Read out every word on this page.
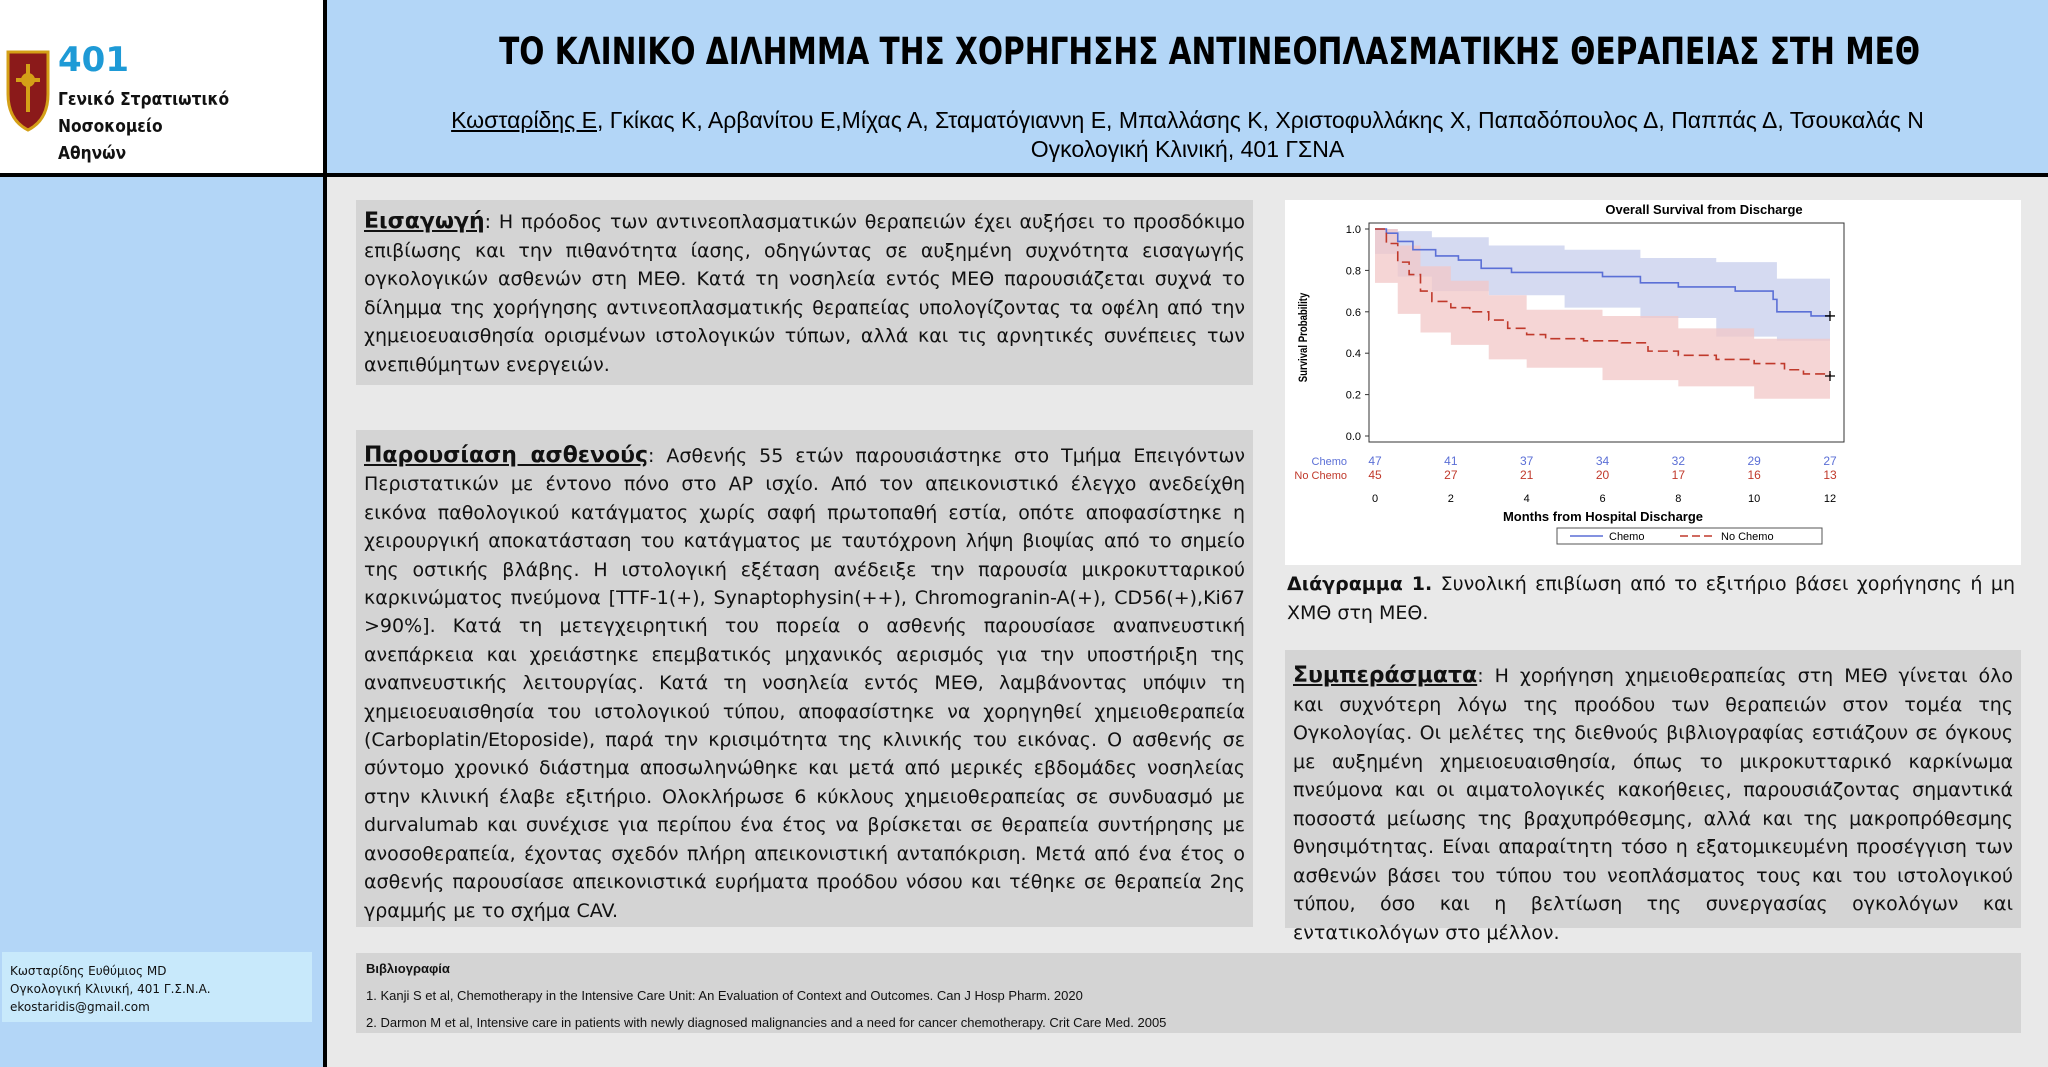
401
Γενικό Στρατιωτικό Νοσοκομείο
Αθηνών
ΤΟ ΚΛΙΝΙΚΟ ΔΙΛΗΜΜΑ ΤΗΣ ΧΟΡΗΓΗΣΗΣ ΑΝΤΙΝΕΟΠΛΑΣΜΑΤΙΚΗΣ ΘΕΡΑΠΕΙΑΣ ΣΤΗ ΜΕΘ
Κωσταρίδης Ε, Γκίκας Κ, Αρβανίτου Ε,Μίχας Α, Σταματόγιαννη Ε, Μπαλλάσης Κ, Χριστοφυλλάκης Χ, Παπαδόπουλος Δ, Παππάς Δ, Τσουκαλάς Ν
Ογκολογική Κλινική, 401 ΓΣΝΑ
Κωσταρίδης Ευθύμιος MD
Ογκολογική Κλινική, 401 Γ.Σ.Ν.Α.
ekostaridis@gmail.com

Εισαγωγή: Η πρόοδος των αντινεοπλασματικών θεραπειών έχει αυξήσει το προσδόκιμο επιβίωσης και την πιθανότητα ίασης, οδηγώντας σε αυξημένη συχνότητα εισαγωγής ογκολογικών ασθενών στη ΜΕΘ. Κατά τη νοσηλεία εντός ΜΕΘ παρουσιάζεται συχνά το δίλημμα της χορήγησης αντινεοπλασματικής θεραπείας υπολογίζοντας τα οφέλη από την χημειοευαισθησία ορισμένων ιστολογικών τύπων, αλλά και τις αρνητικές συνέπειες των ανεπιθύμητων ενεργειών.

Παρουσίαση ασθενούς: Ασθενής 55 ετών παρουσιάστηκε στο Τμήμα Επειγόντων Περιστατικών με έντονο πόνο στο ΑΡ ισχίο. Από τον απεικονιστικό έλεγχο ανεδείχθη εικόνα παθολογικού κατάγματος χωρίς σαφή πρωτοπαθή εστία, οπότε αποφασίστηκε η χειρουργική αποκατάσταση του κατάγματος με ταυτόχρονη λήψη βιοψίας από το σημείο της οστικής βλάβης. Η ιστολογική εξέταση ανέδειξε την παρουσία μικροκυτταρικού καρκινώματος πνεύμονα [TTF-1(+), Synaptophysin(++), Chromogranin-A(+), CD56(+),Ki67 >90%]. Κατά τη μετεγχειρητική του πορεία ο ασθενής παρουσίασε αναπνευστική ανεπάρκεια και χρειάστηκε επεμβατικός μηχανικός αερισμός για την υποστήριξη της αναπνευστικής λειτουργίας. Κατά τη νοσηλεία εντός ΜΕΘ, λαμβάνοντας υπόψιν τη χημειοευαισθησία του ιστολογικού τύπου, αποφασίστηκε να χορηγηθεί χημειοθεραπεία (Carboplatin/Etoposide), παρά την κρισιμότητα της κλινικής του εικόνας. Ο ασθενής σε σύντομο χρονικό διάστημα αποσωληνώθηκε και μετά από μερικές εβδομάδες νοσηλείας στην κλινική έλαβε εξιτήριο. Ολοκλήρωσε 6 κύκλους χημειοθεραπείας σε συνδυασμό με durvalumab και συνέχισε για περίπου ένα έτος να βρίσκεται σε θεραπεία συντήρησης με ανοσοθεραπεία, έχοντας σχεδόν πλήρη απεικονιστική ανταπόκριση. Μετά από ένα έτος ο ασθενής παρουσίασε απεικονιστικά ευρήματα προόδου νόσου και τέθηκε σε θεραπεία 2ης γραμμής με το σχήμα CAV.

Overall Survival from Discharge
0.0
0.2
0.4
0.6
0.8
1.0
Survival Probability
Chemo 47	41	37	34	32	29	27
No Chemo 45	27	21	20	17	16	13
0	2	4	6	8	10	12
Months from Hospital Discharge
Chemo	No Chemo
Διάγραμμα 1. Συνολική επιβίωση από το εξιτήριο βάσει χορήγησης ή μη ΧΜΘ στη ΜΕΘ.

Συμπεράσματα: Η χορήγηση χημειοθεραπείας στη ΜΕΘ γίνεται όλο και συχνότερη λόγω της προόδου των θεραπειών στον τομέα της Ογκολογίας. Οι μελέτες της διεθνούς βιβλιογραφίας εστιάζουν σε όγκους με αυξημένη χημειοευαισθησία, όπως το μικροκυτταρικό καρκίνωμα πνεύμονα και οι αιματολογικές κακοήθειες, παρουσιάζοντας σημαντικά ποσοστά μείωσης της βραχυπρόθεσμης, αλλά και της μακροπρόθεσμης θνησιμότητας. Είναι απαραίτητη τόσο η εξατομικευμένη προσέγγιση των ασθενών βάσει του τύπου του νεοπλάσματος τους και του ιστολογικού τύπου, όσο και η βελτίωση της συνεργασίας ογκολόγων και εντατικολόγων στο μέλλον.

Βιβλιογραφία
1. Kanji S et al, Chemotherapy in the Intensive Care Unit: An Evaluation of Context and Outcomes. Can J Hosp Pharm. 2020
2. Darmon M et al, Intensive care in patients with newly diagnosed malignancies and a need for cancer chemotherapy. Crit Care Med. 2005
